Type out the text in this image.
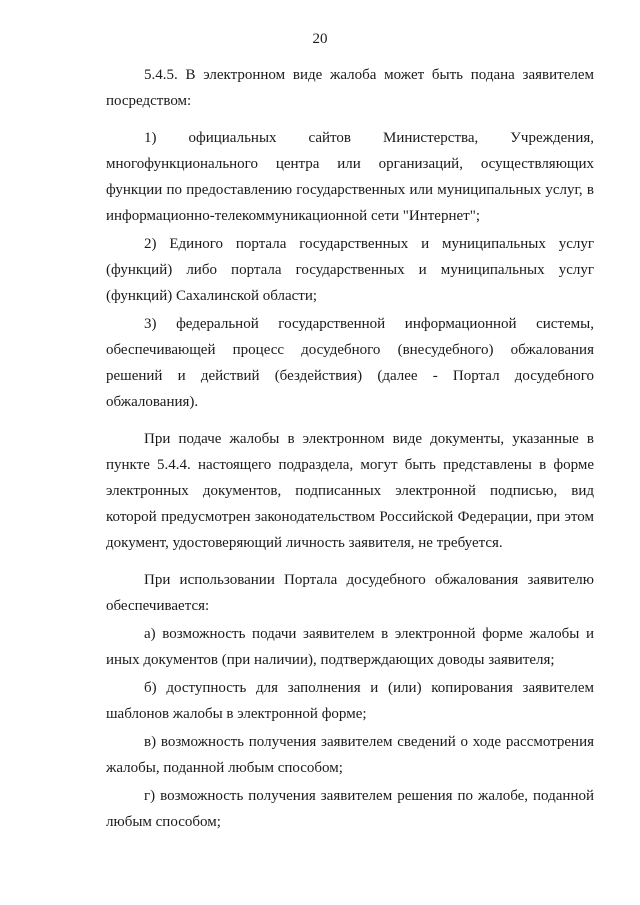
20

5.4.5. В электронном виде жалоба может быть подана заявителем посредством:

1) официальных сайтов Министерства, Учреждения, многофункционального центра или организаций, осуществляющих функции по предоставлению государственных или муниципальных услуг, в информационно-телекоммуникационной сети "Интернет";

2) Единого портала государственных и муниципальных услуг (функций) либо портала государственных и муниципальных услуг (функций) Сахалинской области;

3) федеральной государственной информационной системы, обеспечивающей процесс досудебного (внесудебного) обжалования решений и действий (бездействия) (далее - Портал досудебного обжалования).

При подаче жалобы в электронном виде документы, указанные в пункте 5.4.4. настоящего подраздела, могут быть представлены в форме электронных документов, подписанных электронной подписью, вид которой предусмотрен законодательством Российской Федерации, при этом документ, удостоверяющий личность заявителя, не требуется.

При использовании Портала досудебного обжалования заявителю обеспечивается:

а) возможность подачи заявителем в электронной форме жалобы и иных документов (при наличии), подтверждающих доводы заявителя;

б) доступность для заполнения и (или) копирования заявителем шаблонов жалобы в электронной форме;

в) возможность получения заявителем сведений о ходе рассмотрения жалобы, поданной любым способом;

г) возможность получения заявителем решения по жалобе, поданной любым способом;
